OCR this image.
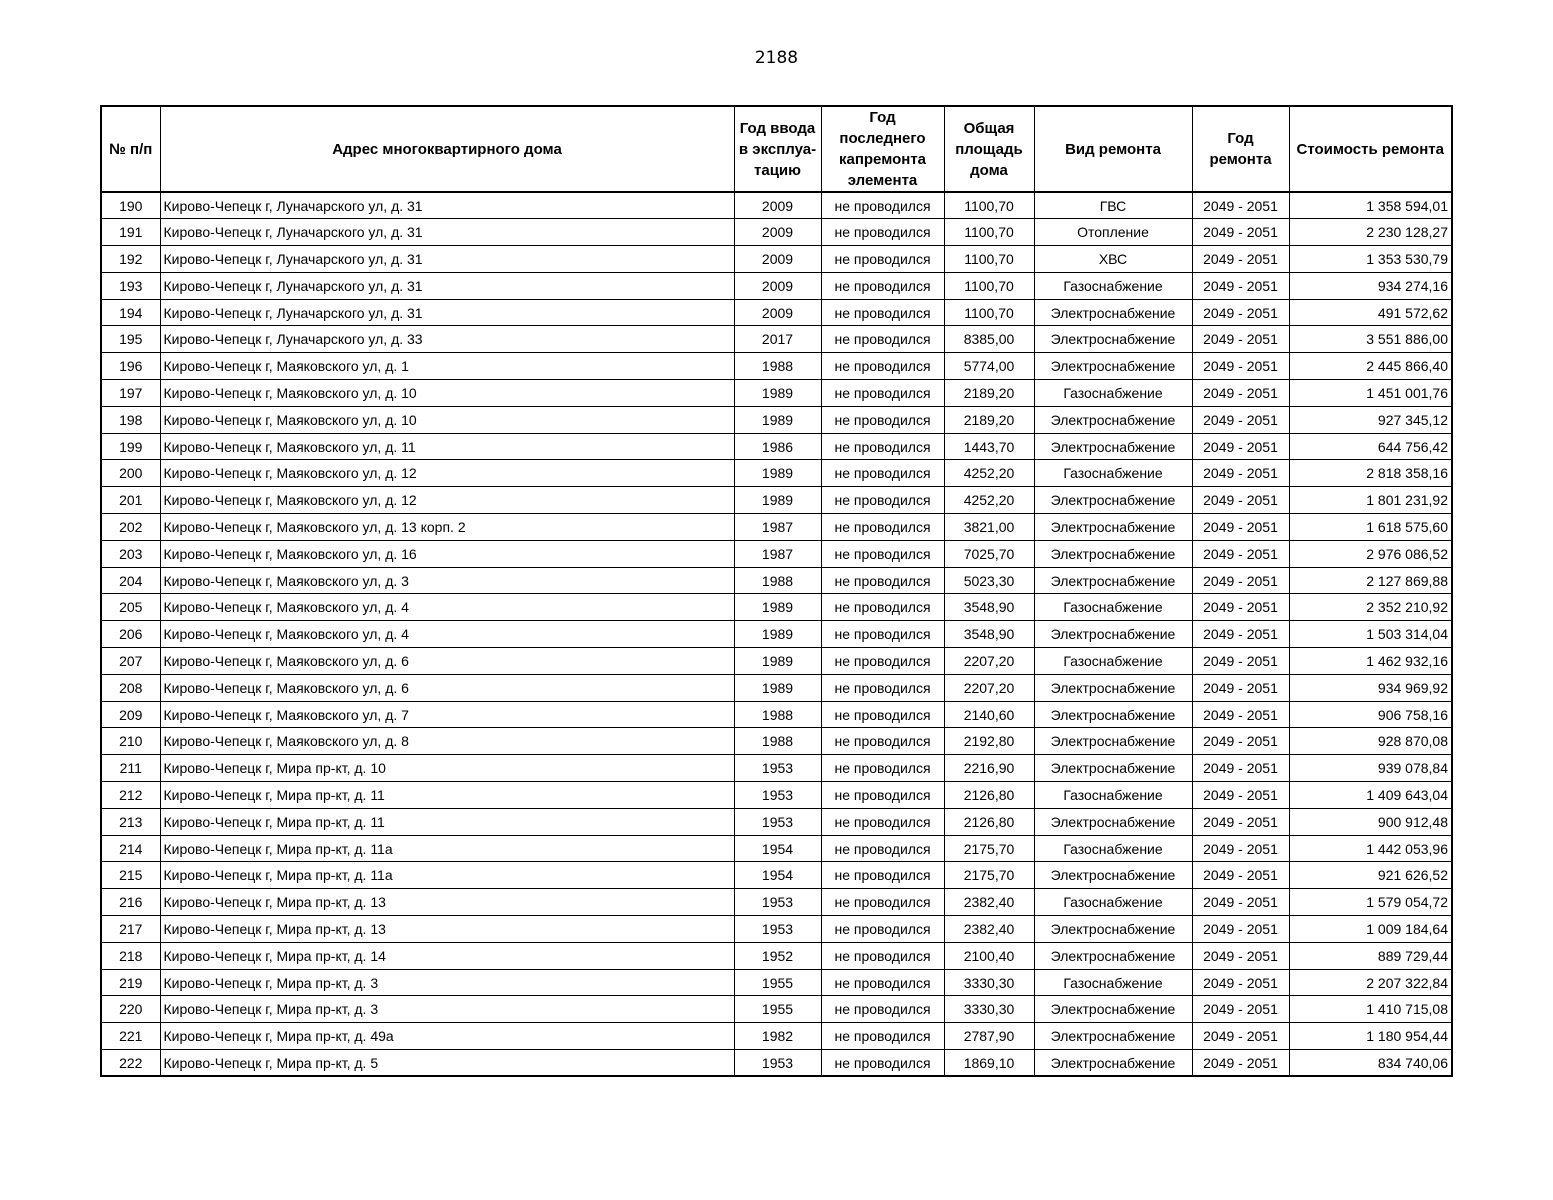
2188
№ п/п	Адрес многоквартирного дома	Год ввода в эксплуа-тацию	Год последнего капремонта элемента	Общая площадь дома	Вид ремонта	Год ремонта	Стоимость ремонта
190	Кирово-Чепецк г, Луначарского ул, д. 31	2009	не проводился	1100,70	ГВС	2049 - 2051	1 358 594,01
191	Кирово-Чепецк г, Луначарского ул, д. 31	2009	не проводился	1100,70	Отопление	2049 - 2051	2 230 128,27
192	Кирово-Чепецк г, Луначарского ул, д. 31	2009	не проводился	1100,70	ХВС	2049 - 2051	1 353 530,79
193	Кирово-Чепецк г, Луначарского ул, д. 31	2009	не проводился	1100,70	Газоснабжение	2049 - 2051	934 274,16
194	Кирово-Чепецк г, Луначарского ул, д. 31	2009	не проводился	1100,70	Электроснабжение	2049 - 2051	491 572,62
195	Кирово-Чепецк г, Луначарского ул, д. 33	2017	не проводился	8385,00	Электроснабжение	2049 - 2051	3 551 886,00
196	Кирово-Чепецк г, Маяковского ул, д. 1	1988	не проводился	5774,00	Электроснабжение	2049 - 2051	2 445 866,40
197	Кирово-Чепецк г, Маяковского ул, д. 10	1989	не проводился	2189,20	Газоснабжение	2049 - 2051	1 451 001,76
198	Кирово-Чепецк г, Маяковского ул, д. 10	1989	не проводился	2189,20	Электроснабжение	2049 - 2051	927 345,12
199	Кирово-Чепецк г, Маяковского ул, д. 11	1986	не проводился	1443,70	Электроснабжение	2049 - 2051	644 756,42
200	Кирово-Чепецк г, Маяковского ул, д. 12	1989	не проводился	4252,20	Газоснабжение	2049 - 2051	2 818 358,16
201	Кирово-Чепецк г, Маяковского ул, д. 12	1989	не проводился	4252,20	Электроснабжение	2049 - 2051	1 801 231,92
202	Кирово-Чепецк г, Маяковского ул, д. 13 корп. 2	1987	не проводился	3821,00	Электроснабжение	2049 - 2051	1 618 575,60
203	Кирово-Чепецк г, Маяковского ул, д. 16	1987	не проводился	7025,70	Электроснабжение	2049 - 2051	2 976 086,52
204	Кирово-Чепецк г, Маяковского ул, д. 3	1988	не проводился	5023,30	Электроснабжение	2049 - 2051	2 127 869,88
205	Кирово-Чепецк г, Маяковского ул, д. 4	1989	не проводился	3548,90	Газоснабжение	2049 - 2051	2 352 210,92
206	Кирово-Чепецк г, Маяковского ул, д. 4	1989	не проводился	3548,90	Электроснабжение	2049 - 2051	1 503 314,04
207	Кирово-Чепецк г, Маяковского ул, д. 6	1989	не проводился	2207,20	Газоснабжение	2049 - 2051	1 462 932,16
208	Кирово-Чепецк г, Маяковского ул, д. 6	1989	не проводился	2207,20	Электроснабжение	2049 - 2051	934 969,92
209	Кирово-Чепецк г, Маяковского ул, д. 7	1988	не проводился	2140,60	Электроснабжение	2049 - 2051	906 758,16
210	Кирово-Чепецк г, Маяковского ул, д. 8	1988	не проводился	2192,80	Электроснабжение	2049 - 2051	928 870,08
211	Кирово-Чепецк г, Мира пр-кт, д. 10	1953	не проводился	2216,90	Электроснабжение	2049 - 2051	939 078,84
212	Кирово-Чепецк г, Мира пр-кт, д. 11	1953	не проводился	2126,80	Газоснабжение	2049 - 2051	1 409 643,04
213	Кирово-Чепецк г, Мира пр-кт, д. 11	1953	не проводился	2126,80	Электроснабжение	2049 - 2051	900 912,48
214	Кирово-Чепецк г, Мира пр-кт, д. 11а	1954	не проводился	2175,70	Газоснабжение	2049 - 2051	1 442 053,96
215	Кирово-Чепецк г, Мира пр-кт, д. 11а	1954	не проводился	2175,70	Электроснабжение	2049 - 2051	921 626,52
216	Кирово-Чепецк г, Мира пр-кт, д. 13	1953	не проводился	2382,40	Газоснабжение	2049 - 2051	1 579 054,72
217	Кирово-Чепецк г, Мира пр-кт, д. 13	1953	не проводился	2382,40	Электроснабжение	2049 - 2051	1 009 184,64
218	Кирово-Чепецк г, Мира пр-кт, д. 14	1952	не проводился	2100,40	Электроснабжение	2049 - 2051	889 729,44
219	Кирово-Чепецк г, Мира пр-кт, д. 3	1955	не проводился	3330,30	Газоснабжение	2049 - 2051	2 207 322,84
220	Кирово-Чепецк г, Мира пр-кт, д. 3	1955	не проводился	3330,30	Электроснабжение	2049 - 2051	1 410 715,08
221	Кирово-Чепецк г, Мира пр-кт, д. 49а	1982	не проводился	2787,90	Электроснабжение	2049 - 2051	1 180 954,44
222	Кирово-Чепецк г, Мира пр-кт, д. 5	1953	не проводился	1869,10	Электроснабжение	2049 - 2051	834 740,06
